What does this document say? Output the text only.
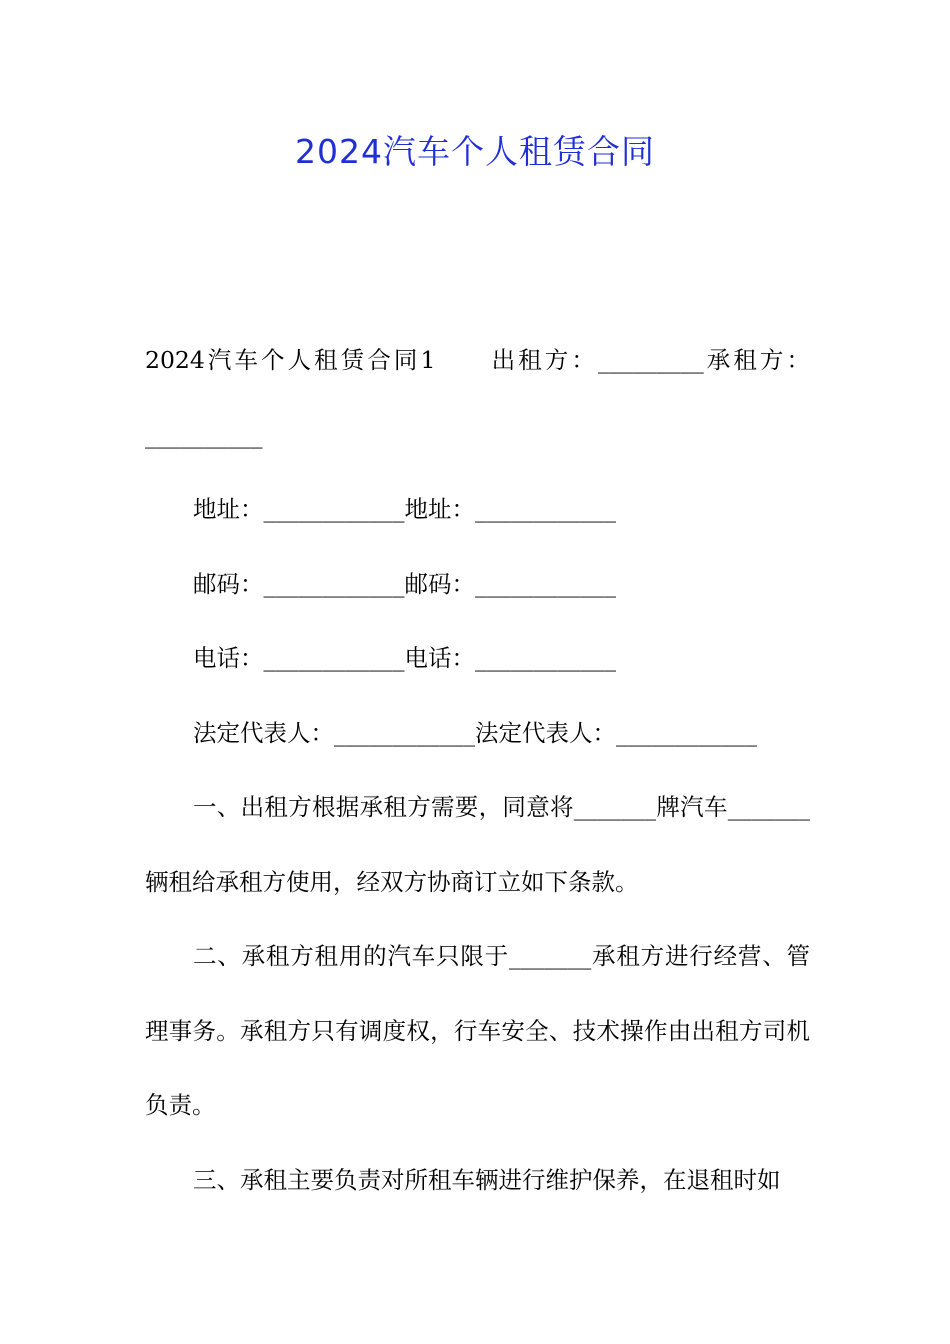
2024汽车个人租赁合同

2024汽车个人租赁合同1　　出租方：_________承租方：__________

地址：____________地址：____________

邮码：____________邮码：____________

电话：____________电话：____________

法定代表人：____________法定代表人：____________

一、出租方根据承租方需要，同意将_______牌汽车_______辆租给承租方使用，经双方协商订立如下条款。

二、承租方租用的汽车只限于_______承租方进行经营、管理事务。承租方只有调度权，行车安全、技术操作由出租方司机负责。

三、承租主要负责对所租车辆进行维护保养，在退租时如
